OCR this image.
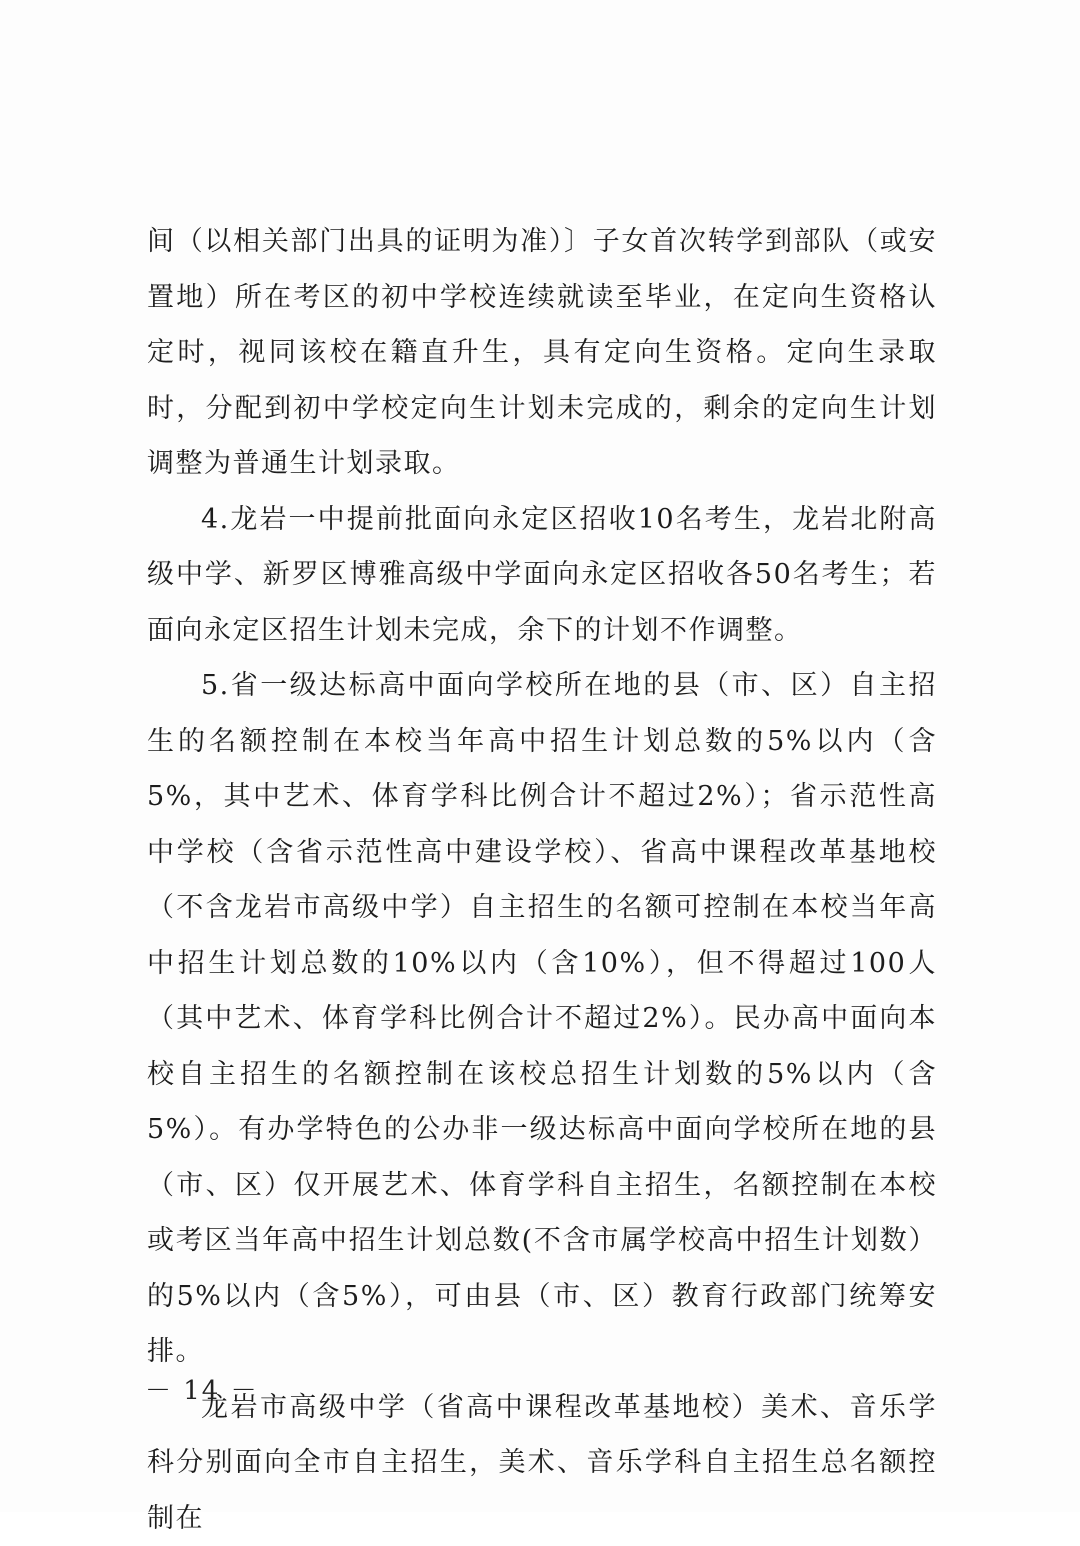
间（以相关部门出具的证明为准）〕子女首次转学到部队（或安置地）所在考区的初中学校连续就读至毕业，在定向生资格认定时，视同该校在籍直升生，具有定向生资格。定向生录取时，分配到初中学校定向生计划未完成的，剩余的定向生计划调整为普通生计划录取。

4.龙岩一中提前批面向永定区招收10名考生，龙岩北附高级中学、新罗区博雅高级中学面向永定区招收各50名考生；若面向永定区招生计划未完成，余下的计划不作调整。

5.省一级达标高中面向学校所在地的县（市、区）自主招生的名额控制在本校当年高中招生计划总数的5%以内（含5%，其中艺术、体育学科比例合计不超过2%）；省示范性高中学校（含省示范性高中建设学校）、省高中课程改革基地校（不含龙岩市高级中学）自主招生的名额可控制在本校当年高中招生计划总数的10%以内（含10%），但不得超过100人（其中艺术、体育学科比例合计不超过2%）。民办高中面向本校自主招生的名额控制在该校总招生计划数的5%以内（含5%）。有办学特色的公办非一级达标高中面向学校所在地的县（市、区）仅开展艺术、体育学科自主招生，名额控制在本校或考区当年高中招生计划总数(不含市属学校高中招生计划数）的5%以内（含5%），可由县（市、区）教育行政部门统筹安排。

龙岩市高级中学（省高中课程改革基地校）美术、音乐学科分别面向全市自主招生，美术、音乐学科自主招生总名额控制在

－ 14 －
